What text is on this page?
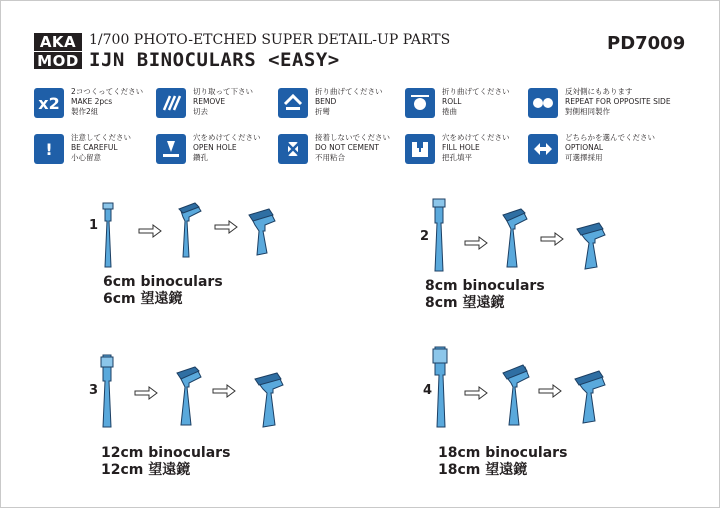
AKA
MOD
1/700 PHOTO-ETCHED SUPER DETAIL-UP PARTS
IJN BINOCULARS <EASY>
PD7009
x2
2コつくってください
MAKE 2pcs
製作2組
切り取って下さい
REMOVE
切去
折り曲げてください
BEND
折彎
折り曲げてください
ROLL
捲曲
反対側にもあります
REPEAT FOR OPPOSITE SIDE
對側相同製作
!
注意してください
BE CAREFUL
小心留意
穴をめけてください
OPEN HOLE
鑽孔
接着しないでください
DO NOT CEMENT
不用粘合
穴をめけてください
FILL HOLE
把孔填平
どちらかを選んでください
OPTIONAL
可選擇採用
1
6cm binoculars
6cm 望遠鏡
2
8cm binoculars
8cm 望遠鏡
3
12cm binoculars
12cm 望遠鏡
4
18cm binoculars
18cm 望遠鏡
